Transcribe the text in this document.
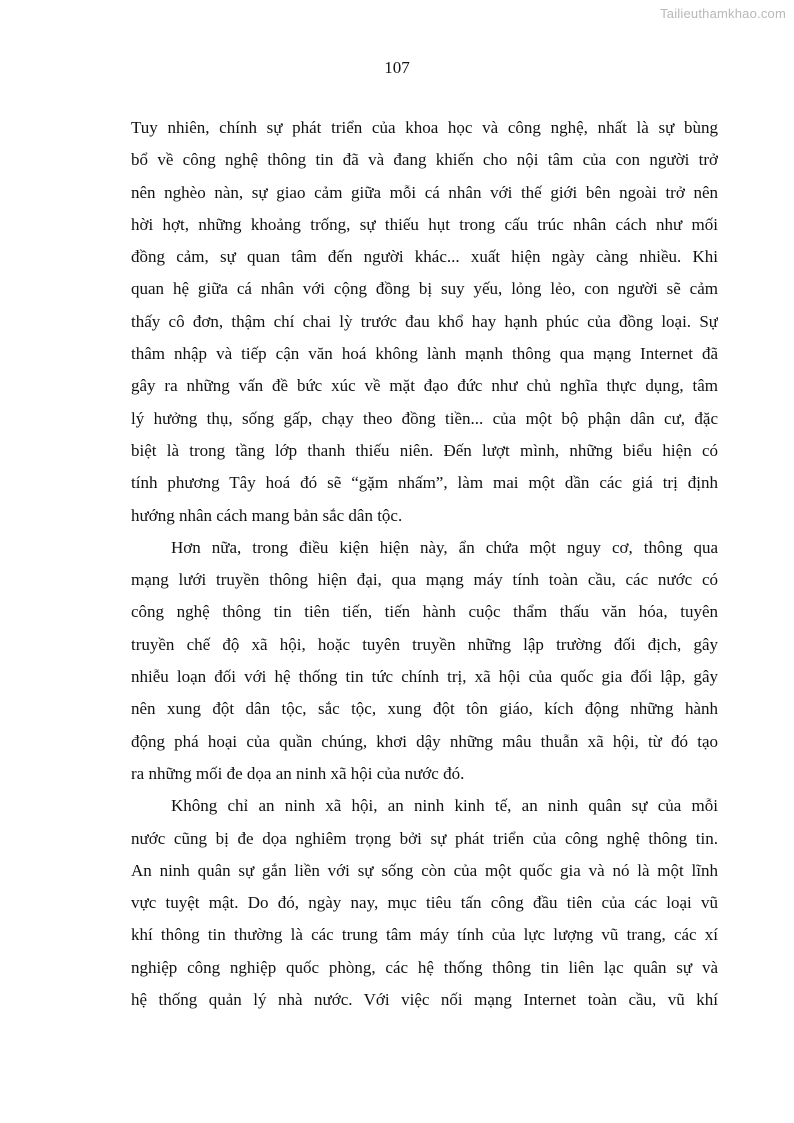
Tailieuthamkhao.com
107

Tuy nhiên, chính sự phát triển của khoa học và công nghệ, nhất là sự bùng
bổ về công nghệ thông tin đã và đang khiến cho nội tâm của con người trở
nên nghèo nàn, sự giao cảm giữa mỗi cá nhân với thế giới bên ngoài trở nên
hời hợt, những khoảng trống, sự thiếu hụt trong cấu trúc nhân cách như mối
đồng cảm, sự quan tâm đến người khác... xuất hiện ngày càng nhiều. Khi
quan hệ giữa cá nhân với cộng đồng bị suy yếu, lỏng lẻo, con người sẽ cảm
thấy cô đơn, thậm chí chai lỳ trước đau khổ hay hạnh phúc của đồng loại. Sự
thâm nhập và tiếp cận văn hoá không lành mạnh thông qua mạng Internet đã
gây ra những vấn đề bức xúc về mặt đạo đức như chủ nghĩa thực dụng, tâm
lý hưởng thụ, sống gấp, chạy theo đồng tiền... của một bộ phận dân cư, đặc
biệt là trong tầng lớp thanh thiếu niên. Đến lượt mình, những biểu hiện có
tính phương Tây hoá đó sẽ “gặm nhấm”, làm mai một dần các giá trị định
hướng nhân cách mang bản sắc dân tộc.

Hơn nữa, trong điều kiện hiện này, ẩn chứa một nguy cơ, thông qua
mạng lưới truyền thông hiện đại, qua mạng máy tính toàn cầu, các nước có
công nghệ thông tin tiên tiến, tiến hành cuộc thẩm thấu văn hóa, tuyên
truyền chế độ xã hội, hoặc tuyên truyền những lập trường đối địch, gây
nhiễu loạn đối với hệ thống tin tức chính trị, xã hội của quốc gia đối lập, gây
nên xung đột dân tộc, sắc tộc, xung đột tôn giáo, kích động những hành
động phá hoại của quần chúng, khơi dậy những mâu thuẫn xã hội, từ đó tạo
ra những mối đe dọa an ninh xã hội của nước đó.

Không chỉ an ninh xã hội, an ninh kinh tế, an ninh quân sự của mỗi
nước cũng bị đe dọa nghiêm trọng bởi sự phát triển của công nghệ thông tin.
An ninh quân sự gắn liền với sự sống còn của một quốc gia và nó là một lĩnh
vực tuyệt mật. Do đó, ngày nay, mục tiêu tấn công đầu tiên của các loại vũ
khí thông tin thường là các trung tâm máy tính của lực lượng vũ trang, các xí
nghiệp công nghiệp quốc phòng, các hệ thống thông tin liên lạc quân sự và
hệ thống quản lý nhà nước. Với việc nối mạng Internet toàn cầu, vũ khí
